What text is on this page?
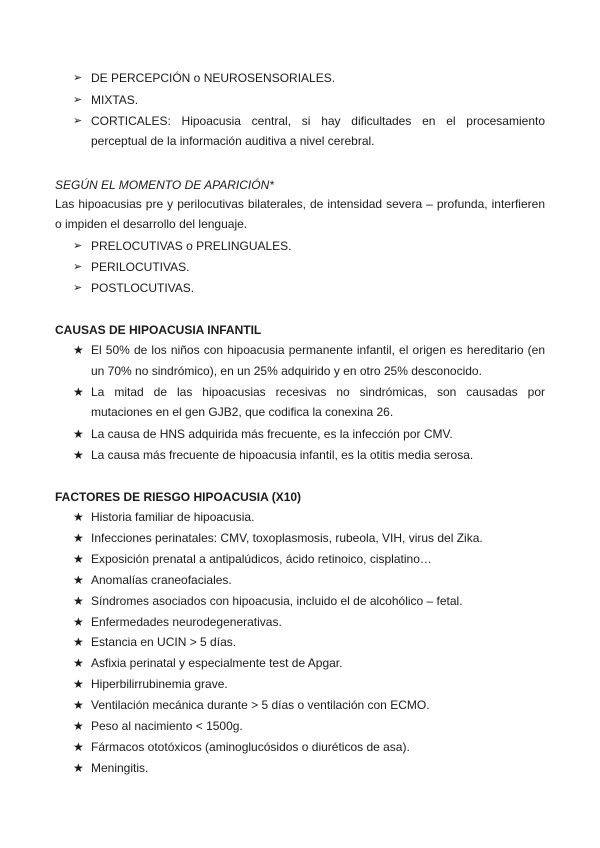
➢ DE PERCEPCIÓN o NEUROSENSORIALES.
➢ MIXTAS.
➢ CORTICALES: Hipoacusia central, si hay dificultades en el procesamiento
perceptual de la información auditiva a nivel cerebral.
SEGÚN EL MOMENTO DE APARICIÓN*
Las hipoacusias pre y perilocutivas bilaterales, de intensidad severa – profunda, interfieren
o impiden el desarrollo del lenguaje.
➢ PRELOCUTIVAS o PRELINGUALES.
➢ PERILOCUTIVAS.
➢ POSTLOCUTIVAS.
CAUSAS DE HIPOACUSIA INFANTIL
★ El 50% de los niños con hipoacusia permanente infantil, el origen es hereditario (en
un 70% no sindrómico), en un 25% adquirido y en otro 25% desconocido.
★ La mitad de las hipoacusias recesivas no sindrómicas, son causadas por
mutaciones en el gen GJB2, que codifica la conexina 26.
★ La causa de HNS adquirida más frecuente, es la infección por CMV.
★ La causa más frecuente de hipoacusia infantil, es la otitis media serosa.
FACTORES DE RIESGO HIPOACUSIA (X10)
★ Historia familiar de hipoacusia.
★ Infecciones perinatales: CMV, toxoplasmosis, rubeola, VIH, virus del Zika.
★ Exposición prenatal a antipalúdicos, ácido retinoico, cisplatino…
★ Anomalías craneofaciales.
★ Síndromes asociados con hipoacusia, incluido el de alcohólico – fetal.
★ Enfermedades neurodegenerativas.
★ Estancia en UCIN > 5 días.
★ Asfixia perinatal y especialmente test de Apgar.
★ Hiperbilirrubinemia grave.
★ Ventilación mecánica durante > 5 días o ventilación con ECMO.
★ Peso al nacimiento < 1500g.
★ Fármacos ototóxicos (aminoglucósidos o diuréticos de asa).
★ Meningitis.
